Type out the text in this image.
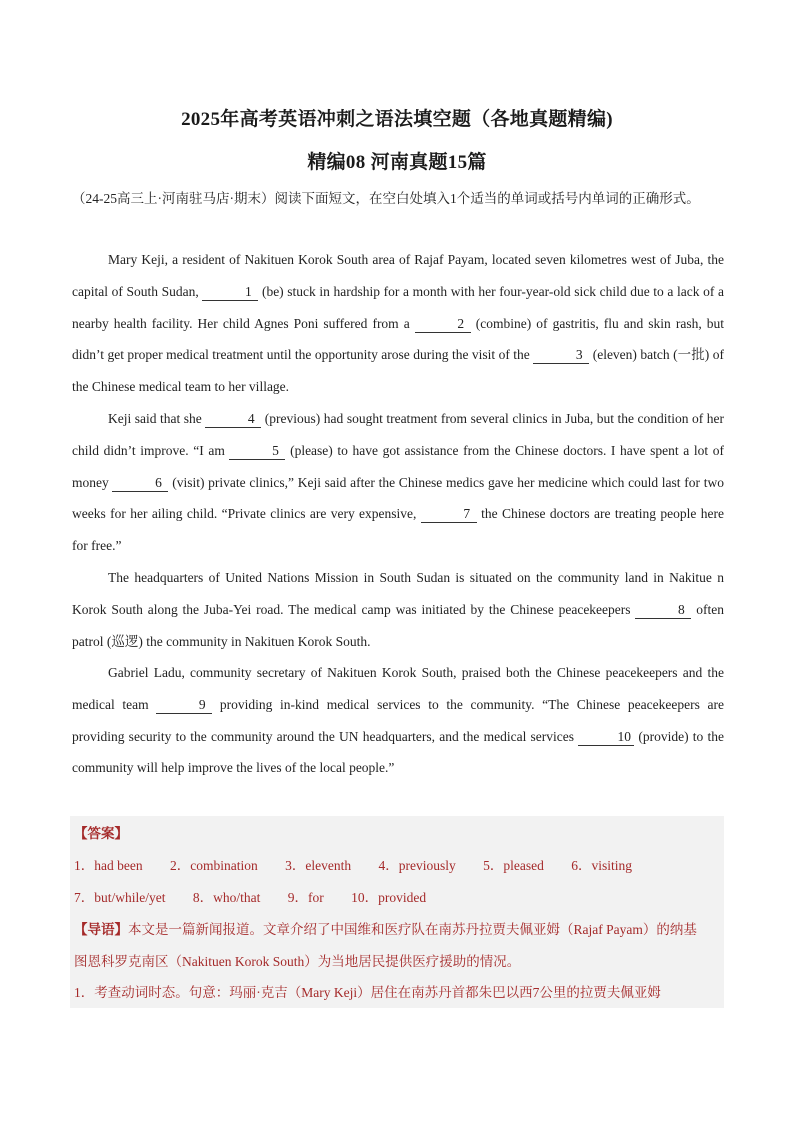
2025年高考英语冲刺之语法填空题（各地真题精编)
精编08 河南真题15篇

（24-25高三上·河南驻马店·期末）阅读下面短文，在空白处填入1个适当的单词或括号内单词的正确形式。

Mary Keji, a resident of Nakituen Korok South area of Rajaf Payam, located seven kilometres west of Juba, the capital of South Sudan,	1 (be) stuck in hardship for a month with her four-year-old sick child due to a lack of a nearby health facility. Her child Agnes Poni suffered from a	2 (combine) of gastritis, flu and skin rash, but didn’t get proper medical treatment until the opportunity arose during the visit of the	3 (eleven) batch (一批) of the Chinese medical team to her village.

Keji said that she	4 (previous) had sought treatment from several clinics in Juba, but the condition of her child didn’t improve. “I am	5 (please) to have got assistance from the Chinese doctors. I have spent a lot of money	6 (visit) private clinics,” Keji said after the Chinese medics gave her medicine which could last for two weeks for her ailing child. “Private clinics are very expensive,	7 the Chinese doctors are treating people here for free.”

The headquarters of United Nations Mission in South Sudan is situated on the community land in Nakitue n Korok South along the Juba-Yei road. The medical camp was initiated by the Chinese peacekeepers	8 often patrol (巡逻) the community in Nakituen Korok South.

Gabriel Ladu, community secretary of Nakituen Korok South, praised both the Chinese peacekeepers and the medical team	9 providing in-kind medical services to the community. “The Chinese peacekeepers are providing security to the community around the UN headquarters, and the medical services	10 (provide) to the community will help improve the lives of the local people.”

【答案】
1．had been 2．combination 3．eleventh 4．previously 5．pleased 6．visiting
7．but/while/yet 8．who/that 9．for 10．provided
【导语】本文是一篇新闻报道。文章介绍了中国维和医疗队在南苏丹拉贾夫佩亚姆（Rajaf Payam）的纳基
图恩科罗克南区（Nakituen Korok South）为当地居民提供医疗援助的情况。
1．考查动词时态。句意：玛丽·克吉（Mary Keji）居住在南苏丹首都朱巴以西7公里的拉贾夫佩亚姆
